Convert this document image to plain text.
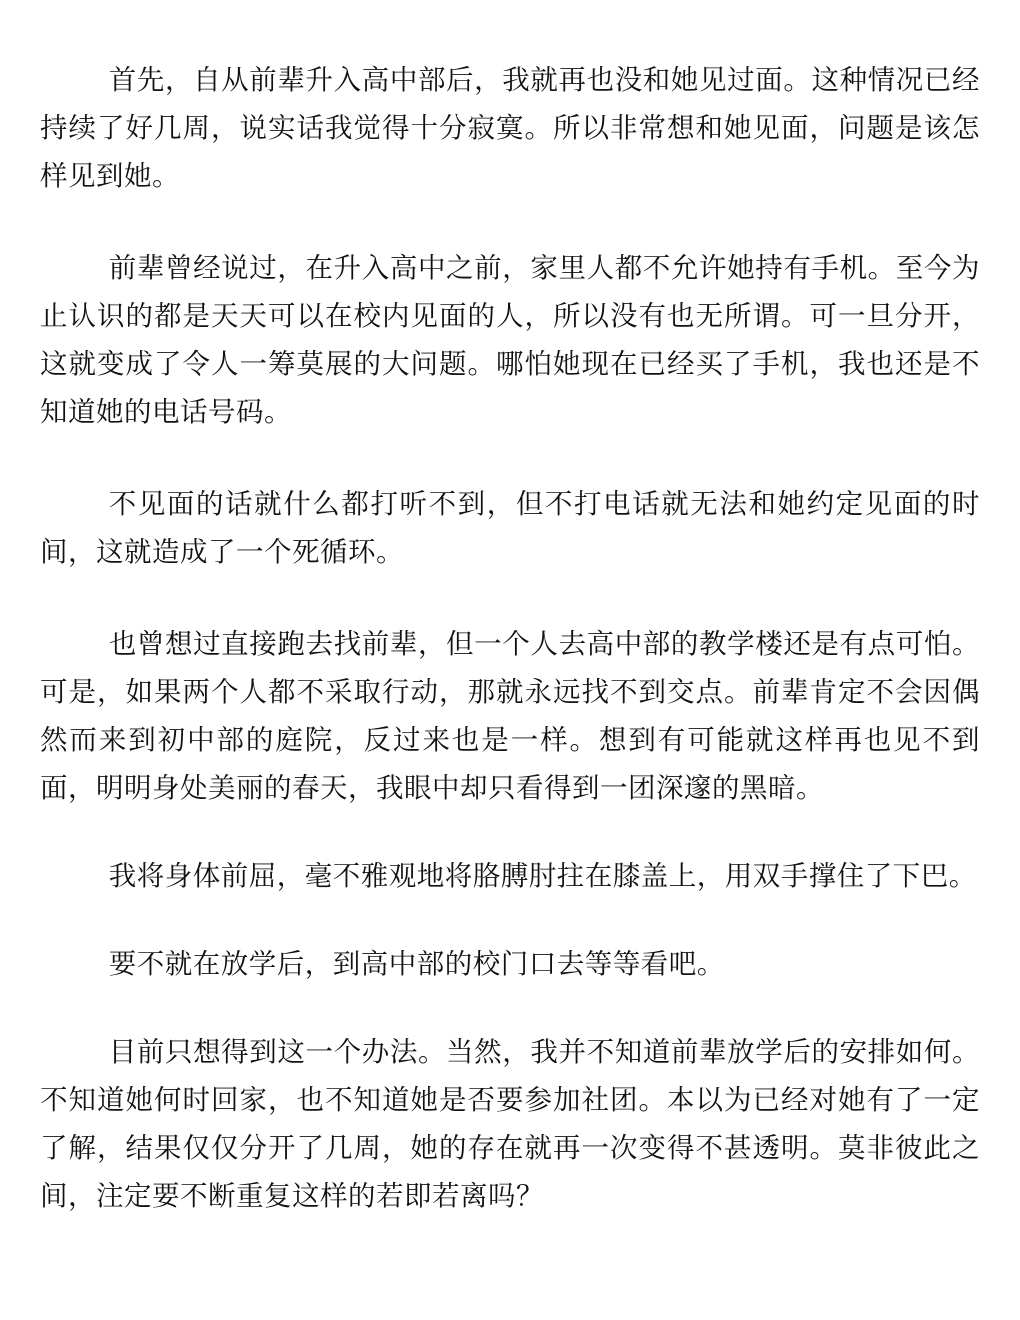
首先，自从前辈升入高中部后，我就再也没和她见过面。这种情况已经持续了好几周，说实话我觉得十分寂寞。所以非常想和她见面，问题是该怎样见到她。

前辈曾经说过，在升入高中之前，家里人都不允许她持有手机。至今为止认识的都是天天可以在校内见面的人，所以没有也无所谓。可一旦分开，这就变成了令人一筹莫展的大问题。哪怕她现在已经买了手机，我也还是不知道她的电话号码。

不见面的话就什么都打听不到，但不打电话就无法和她约定见面的时间，这就造成了一个死循环。

也曾想过直接跑去找前辈，但一个人去高中部的教学楼还是有点可怕。可是，如果两个人都不采取行动，那就永远找不到交点。前辈肯定不会因偶然而来到初中部的庭院，反过来也是一样。想到有可能就这样再也见不到面，明明身处美丽的春天，我眼中却只看得到一团深邃的黑暗。

我将身体前屈，毫不雅观地将胳膊肘拄在膝盖上，用双手撑住了下巴。

要不就在放学后，到高中部的校门口去等等看吧。

目前只想得到这一个办法。当然，我并不知道前辈放学后的安排如何。不知道她何时回家，也不知道她是否要参加社团。本以为已经对她有了一定了解，结果仅仅分开了几周，她的存在就再一次变得不甚透明。莫非彼此之间，注定要不断重复这样的若即若离吗？
